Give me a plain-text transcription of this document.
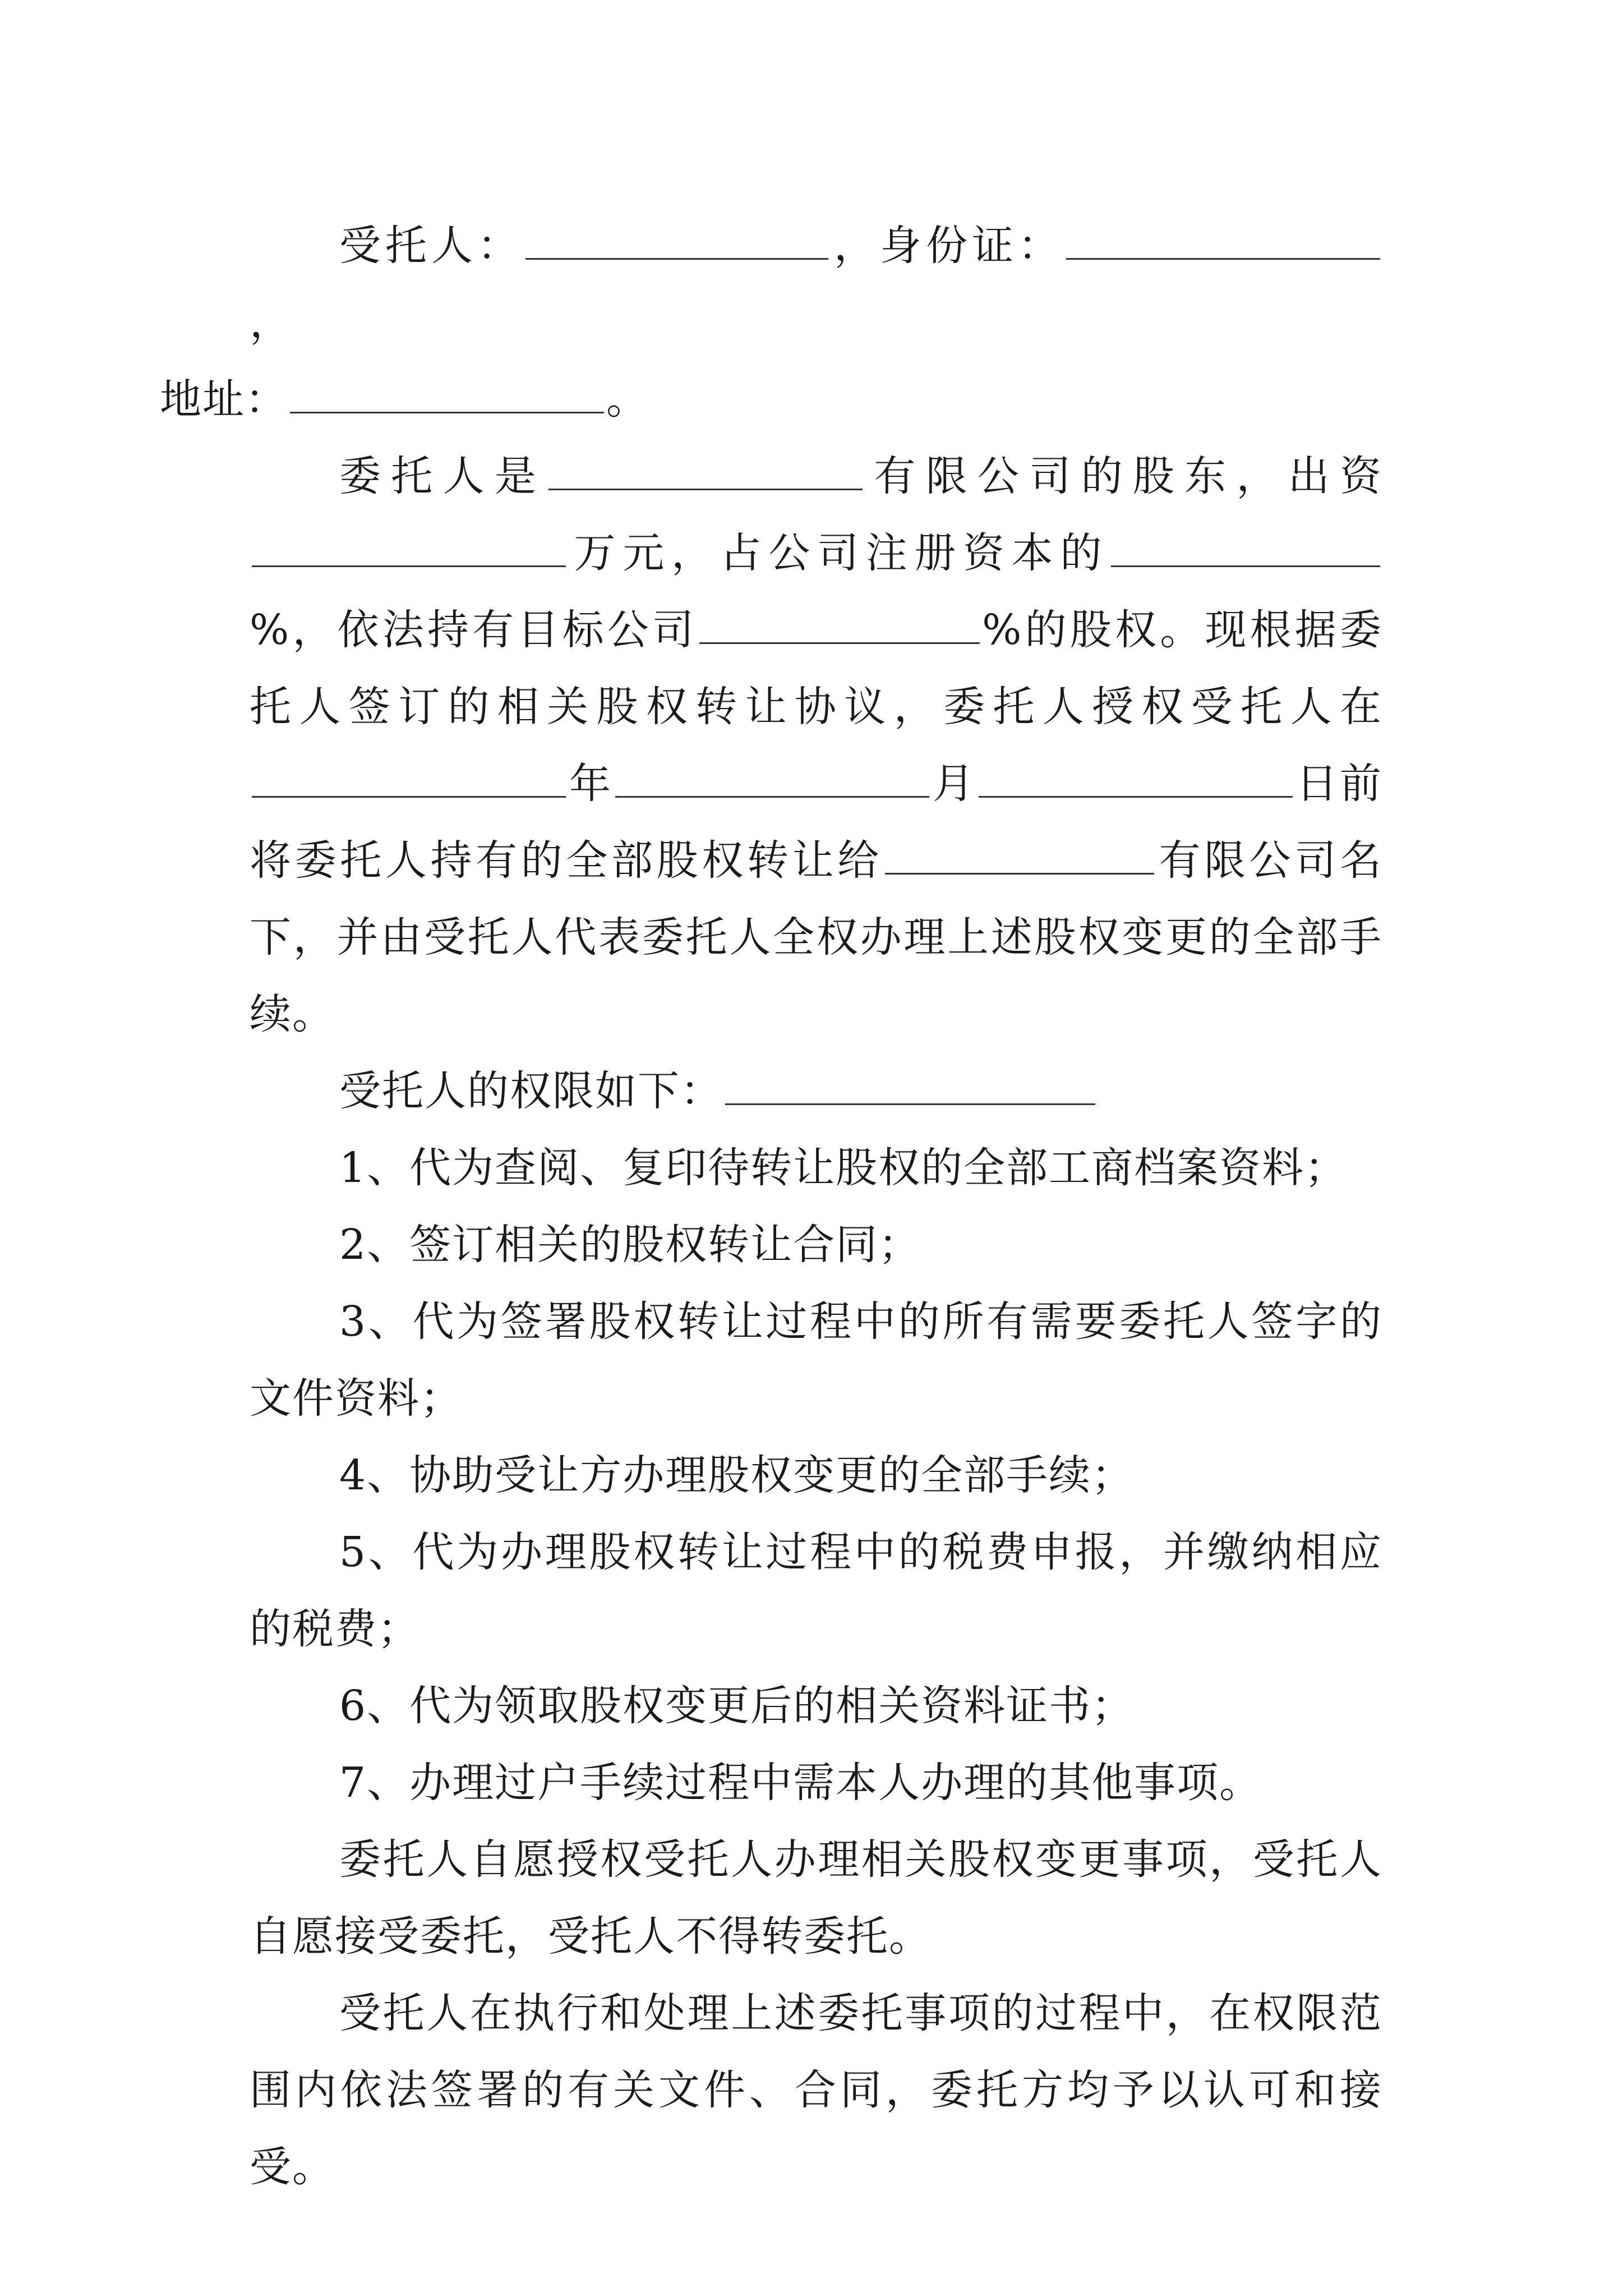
受托人：	，身份证：，
地址：	。

委托人是	有限公司的股东，出资万元，占公司注册资本的%，依法持有目标公司	%的股权。现根据委托人签订的相关股权转让协议，委托人授权受托人在年	月	日前将委托人持有的全部股权转让给	有限公司名下，并由受托人代表委托人全权办理上述股权变更的全部手续。

受托人的权限如下：

1、代为查阅、复印待转让股权的全部工商档案资料；

2、签订相关的股权转让合同；

3、代为签署股权转让过程中的所有需要委托人签字的文件资料；

4、协助受让方办理股权变更的全部手续；

5、代为办理股权转让过程中的税费申报，并缴纳相应的税费；

6、代为领取股权变更后的相关资料证书；

7、办理过户手续过程中需本人办理的其他事项。

委托人自愿授权受托人办理相关股权变更事项，受托人自愿接受委托，受托人不得转委托。

受托人在执行和处理上述委托事项的过程中，在权限范围内依法签署的有关文件、合同，委托方均予以认可和接受。
